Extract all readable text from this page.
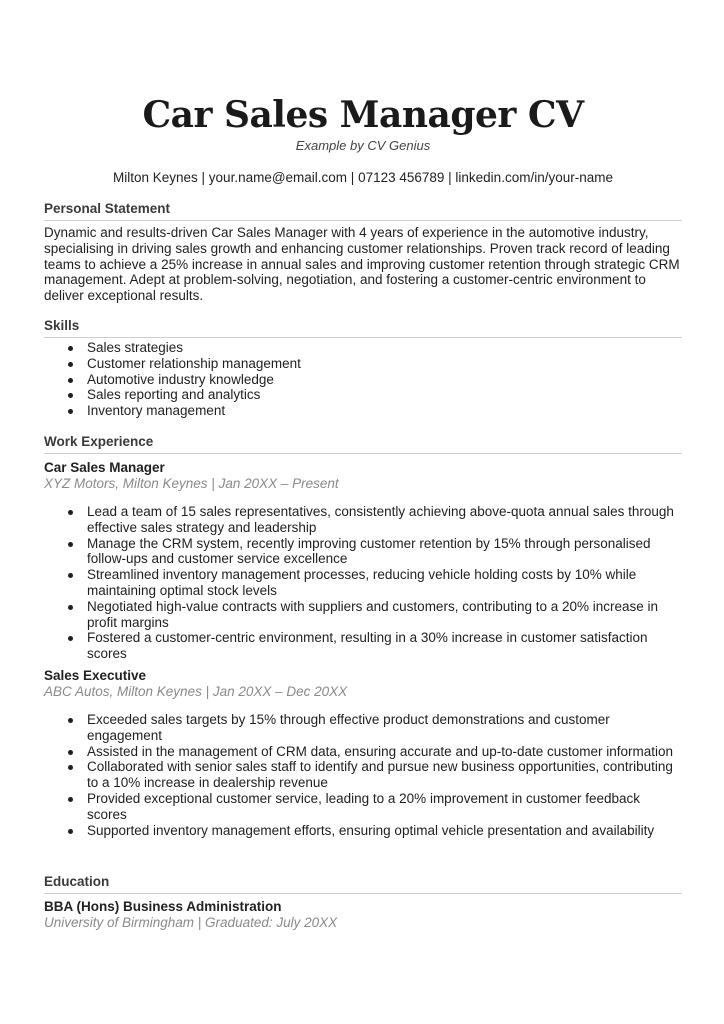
Car Sales Manager CV
Example by CV Genius
Milton Keynes | your.name@email.com | 07123 456789 | linkedin.com/in/your-name
Personal Statement

Dynamic and results-driven Car Sales Manager with 4 years of experience in the automotive industry, specialising in driving sales growth and enhancing customer relationships. Proven track record of leading teams to achieve a 25% increase in annual sales and improving customer retention through strategic CRM management. Adept at problem-solving, negotiation, and fostering a customer-centric environment to deliver exceptional results.

Skills
Sales strategies
Customer relationship management
Automotive industry knowledge
Sales reporting and analytics
Inventory management
Work Experience

Car Sales Manager

XYZ Motors, Milton Keynes | Jan 20XX – Present

Lead a team of 15 sales representatives, consistently achieving above-quota annual sales through effective sales strategy and leadership
Manage the CRM system, recently improving customer retention by 15% through personalised follow-ups and customer service excellence
Streamlined inventory management processes, reducing vehicle holding costs by 10% while maintaining optimal stock levels
Negotiated high-value contracts with suppliers and customers, contributing to a 20% increase in profit margins
Fostered a customer-centric environment, resulting in a 30% increase in customer satisfaction scores

Sales Executive

ABC Autos, Milton Keynes | Jan 20XX – Dec 20XX

Exceeded sales targets by 15% through effective product demonstrations and customer engagement
Assisted in the management of CRM data, ensuring accurate and up-to-date customer information
Collaborated with senior sales staff to identify and pursue new business opportunities, contributing to a 10% increase in dealership revenue
Provided exceptional customer service, leading to a 20% improvement in customer feedback scores
Supported inventory management efforts, ensuring optimal vehicle presentation and availability
Education

BBA (Hons) Business Administration

University of Birmingham | Graduated: July 20XX
